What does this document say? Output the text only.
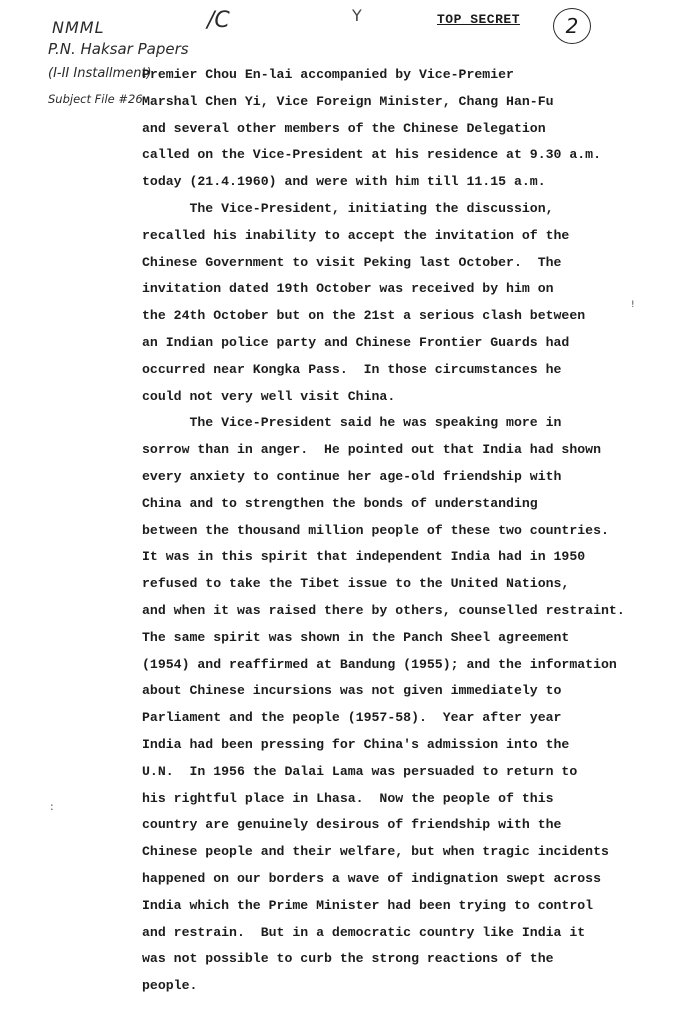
NMML
P.N. Haksar Papers
(I-II Installment)
Subject File #26
/C	Y	TOP SECRET	2
Premier Chou En-lai accompanied by Vice-Premier
Marshal Chen Yi, Vice Foreign Minister, Chang Han-Fu
and several other members of the Chinese Delegation
called on the Vice-President at his residence at 9.30 a.m.
today (21.4.1960) and were with him till 11.15 a.m.
The Vice-President, initiating the discussion,
recalled his inability to accept the invitation of the
Chinese Government to visit Peking last October.  The
invitation dated 19th October was received by him on
the 24th October but on the 21st a serious clash between
an Indian police party and Chinese Frontier Guards had
occurred near Kongka Pass.  In those circumstances he
could not very well visit China.
The Vice-President said he was speaking more in
sorrow than in anger.  He pointed out that India had shown
every anxiety to continue her age-old friendship with
China and to strengthen the bonds of understanding
between the thousand million people of these two countries.
It was in this spirit that independent India had in 1950
refused to take the Tibet issue to the United Nations,
and when it was raised there by others, counselled restraint.
The same spirit was shown in the Panch Sheel agreement
(1954) and reaffirmed at Bandung (1955); and the information
about Chinese incursions was not given immediately to
Parliament and the people (1957-58).  Year after year
India had been pressing for China's admission into the
U.N.  In 1956 the Dalai Lama was persuaded to return to
his rightful place in Lhasa.  Now the people of this
country are genuinely desirous of friendship with the
Chinese people and their welfare, but when tragic incidents
happened on our borders a wave of indignation swept across
India which the Prime Minister had been trying to control
and restrain.  But in a democratic country like India it
was not possible to curb the strong reactions of the
people.
:
!
